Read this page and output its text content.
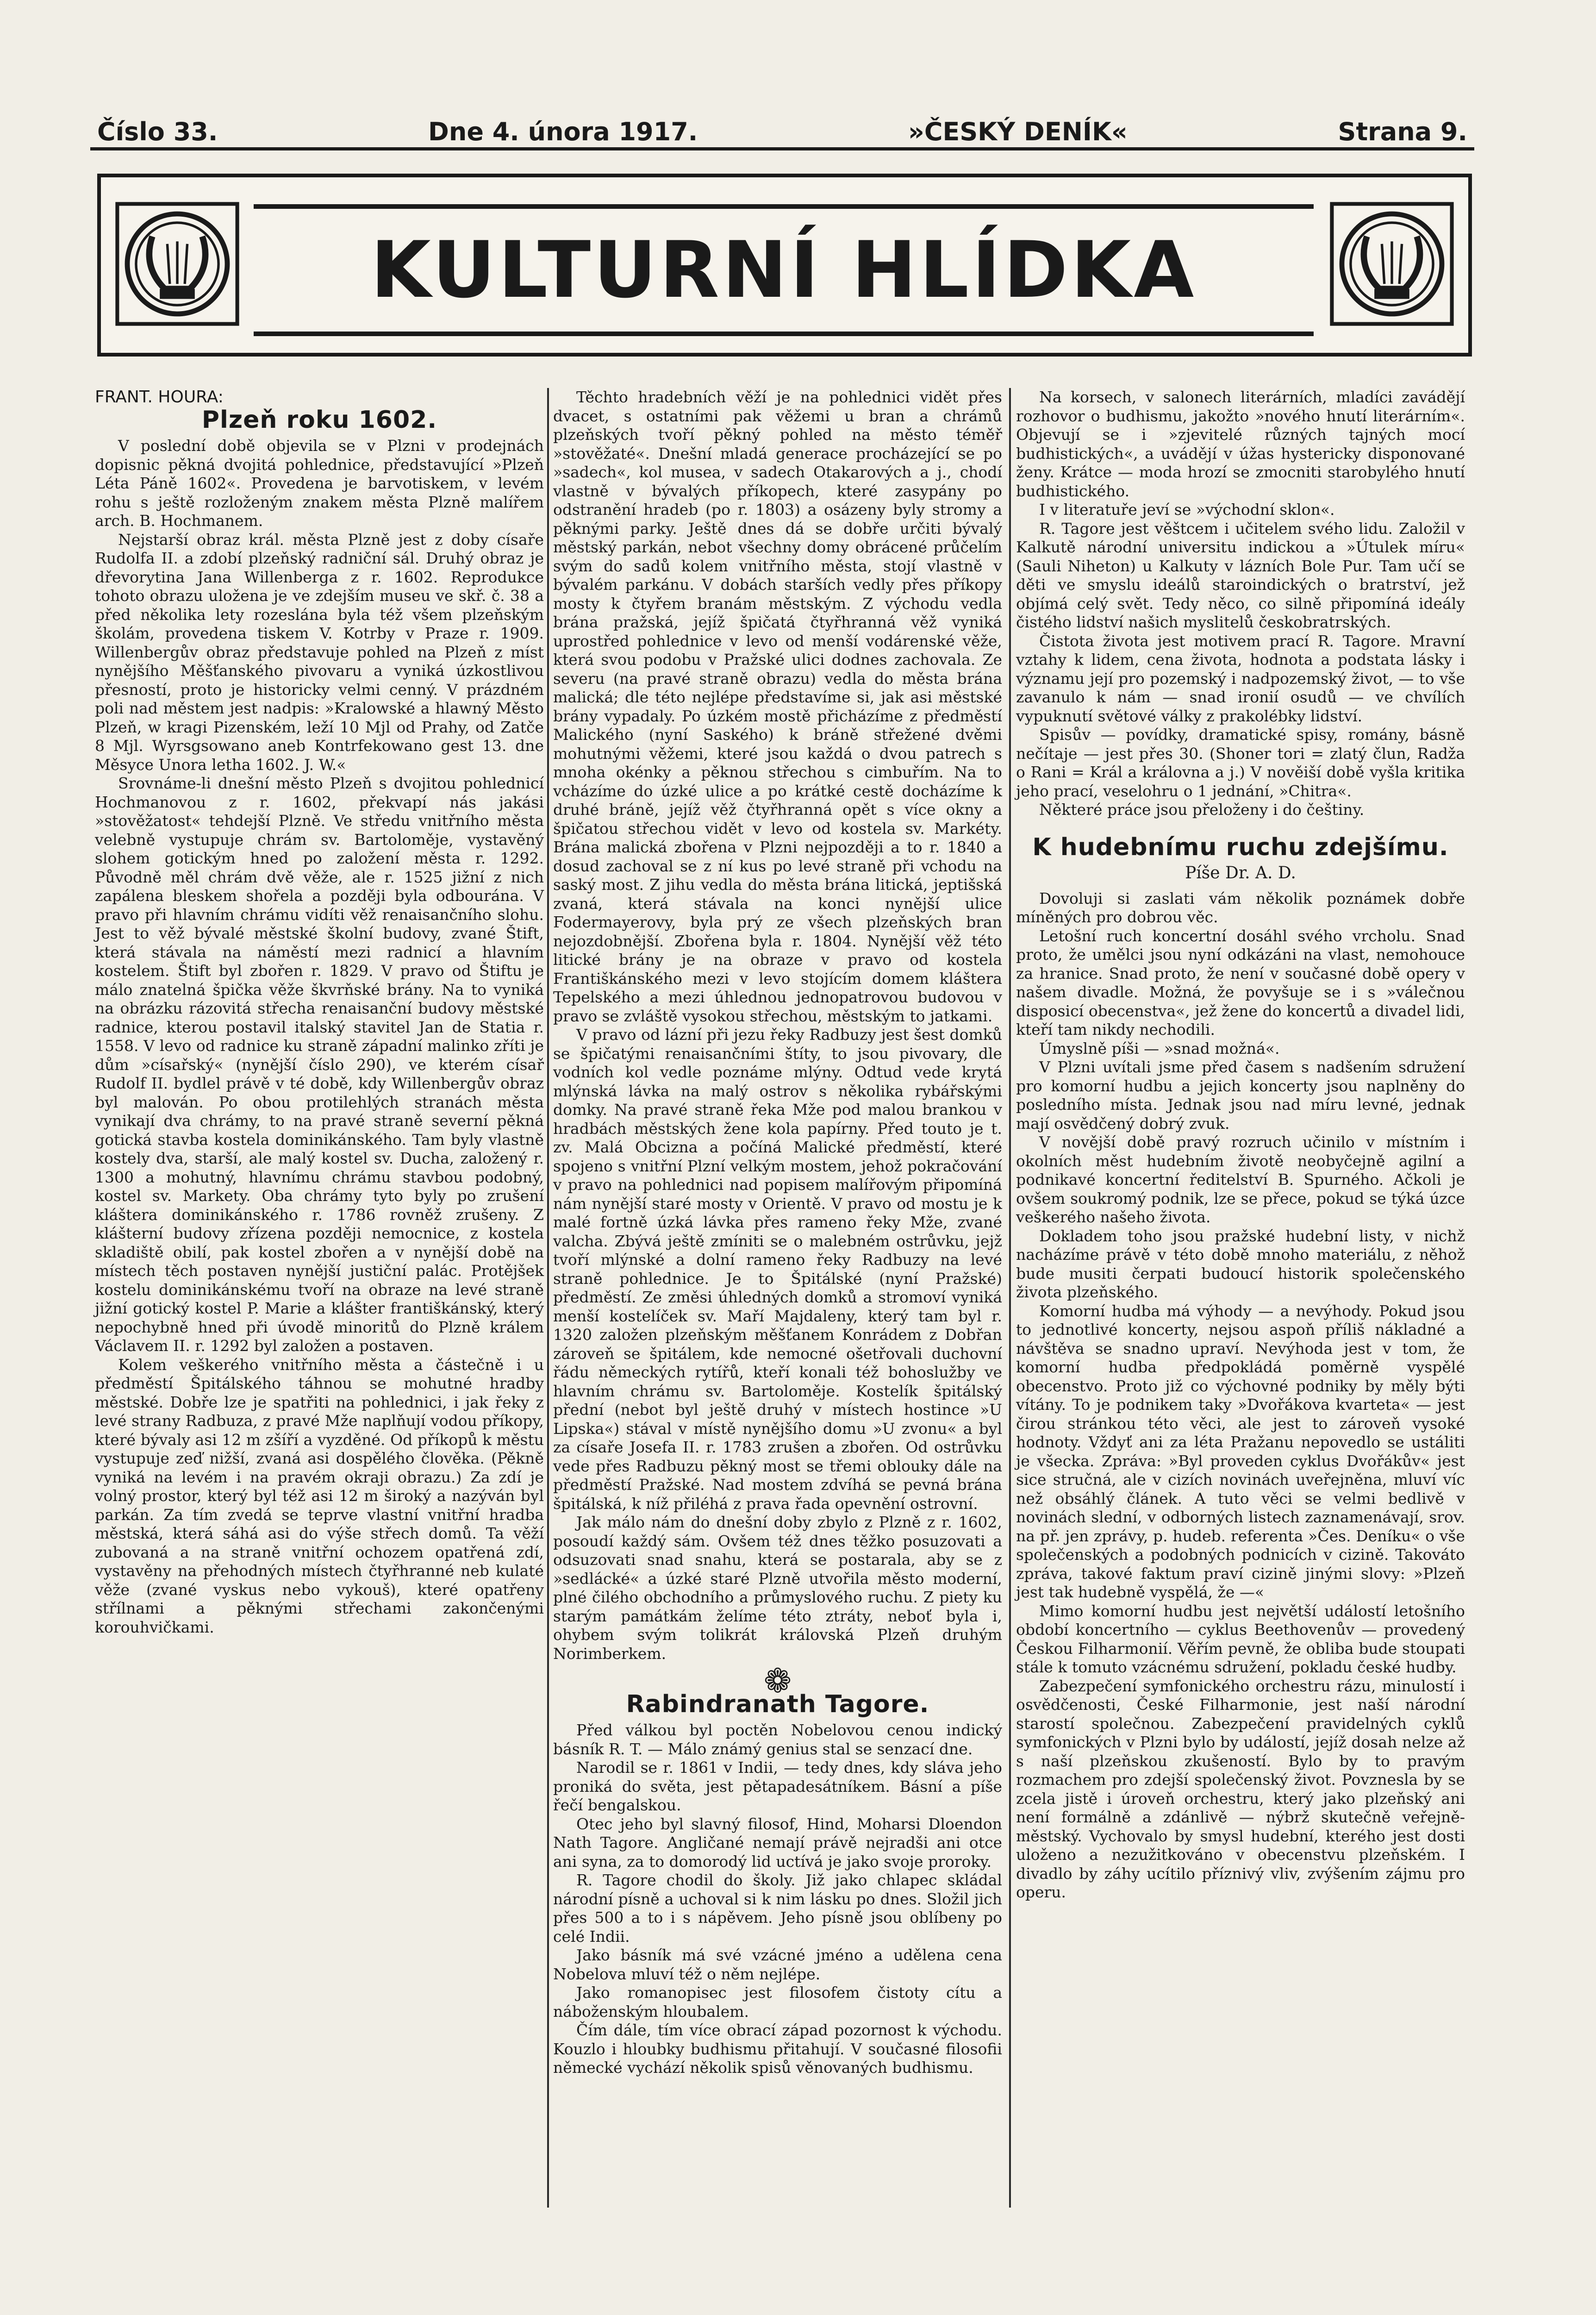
Číslo 33.	Dne 4. února 1917.	»ČESKÝ DENÍK«	Strana 9.
KULTURNÍ HLÍDKA
FRANT. HOURA:
Plzeň roku 1602.

V poslední době objevila se v Plzni v prodejnách dopisnic pěkná dvojitá pohlednice, představující »Plzeň Léta Páně 1602«. Provedena je barvotiskem, v levém rohu s ještě rozloženým znakem města Plzně malířem arch. B. Hochmanem.

Nejstarší obraz král. města Plzně jest z doby císaře Rudolfa II. a zdobí plzeňský radniční sál. Druhý obraz je dřevorytina Jana Willenberga z r. 1602. Reprodukce tohoto obrazu uložena je ve zdejším museu ve skř. č. 38 a před několika lety rozeslána byla též všem plzeňským školám, provedena tiskem V. Kotrby v Praze r. 1909. Willenbergův obraz představuje pohled na Plzeň z míst nynějšího Měšťanského pivovaru a vyniká úzkostlivou přesností, proto je historicky velmi cenný. V prázdném poli nad městem jest nadpis: »Kralowské a hlawný Město Plzeň, w kragi Pizenském, leží 10 Mjl od Prahy, od Zatče 8 Mjl. Wyrsgsowano aneb Kontrfekowano gest 13. dne Měsyce Unora letha 1602. J. W.«

Srovnáme-li dnešní město Plzeň s dvojitou pohlednicí Hochmanovou z r. 1602, překvapí nás jakási »stověžatost« tehdejší Plzně. Ve středu vnitřního města velebně vystupuje chrám sv. Bartoloměje, vystavěný slohem gotickým hned po založení města r. 1292. Původně měl chrám dvě věže, ale r. 1525 jižní z nich zapálena bleskem shořela a později byla odbourána. V pravo při hlavním chrámu vidíti věž renaisančního slohu. Jest to věž bývalé městské školní budovy, zvané Štift, která stávala na náměstí mezi radnicí a hlavním kostelem. Štift byl zbořen r. 1829. V pravo od Štiftu je málo znatelná špička věže škvrňské brány. Na to vyniká na obrázku rázovitá střecha renaisanční budovy městské radnice, kterou postavil italský stavitel Jan de Statia r. 1558. V levo od radnice ku straně západní malinko zříti je dům »císařský« (nynější číslo 290), ve kterém císař Rudolf II. bydlel právě v té době, kdy Willenbergův obraz byl malován. Po obou protilehlých stranách města vynikají dva chrámy, to na pravé straně severní pěkná gotická stavba kostela dominikánského. Tam byly vlastně kostely dva, starší, ale malý kostel sv. Ducha, založený r. 1300 a mohutný, hlavnímu chrámu stavbou podobný, kostel sv. Markety. Oba chrámy tyto byly po zrušení kláštera dominikánského r. 1786 rovněž zrušeny. Z klášterní budovy zřízena později nemocnice, z kostela skladiště obilí, pak kostel zbořen a v nynější době na místech těch postaven nynější justiční palác. Protějšek kostelu dominikánskému tvoří na obraze na levé straně jižní gotický kostel P. Marie a klášter františkánský, který nepochybně hned při úvodě minoritů do Plzně králem Václavem II. r. 1292 byl založen a postaven.

Kolem veškerého vnitřního města a částečně i u předměstí Špitálského táhnou se mohutné hradby městské. Dobře lze je spatřiti na pohlednici, i jak řeky z levé strany Radbuza, z pravé Mže naplňují vodou příkopy, které bývaly asi 12 m zšíří a vyzděné. Od příkopů k městu vystupuje zeď nižší, zvaná asi dospělého člověka. (Pěkně vyniká na levém i na pravém okraji obrazu.) Za zdí je volný prostor, který byl též asi 12 m široký a nazýván byl parkán. Za tím zvedá se teprve vlastní vnitřní hradba městská, která sáhá asi do výše střech domů. Ta věží zubovaná a na straně vnitřní ochozem opatřená zdí, vystavěny na přehodných místech čtyřhranné neb kulaté věže (zvané vyskus nebo vykouš), které opatřeny střílnami a pěknými střechami zakončenými korouhvičkami.

Těchto hradebních věží je na pohlednici vidět přes dvacet, s ostatními pak věžemi u bran a chrámů plzeňských tvoří pěkný pohled na město téměř »stověžaté«. Dnešní mladá generace procházející se po »sadech«, kol musea, v sadech Otakarových a j., chodí vlastně v bývalých příkopech, které zasypány po odstranění hradeb (po r. 1803) a osázeny byly stromy a pěknými parky. Ještě dnes dá se dobře určiti bývalý městský parkán, nebot všechny domy obrácené průčelím svým do sadů kolem vnitřního města, stojí vlastně v bývalém parkánu. V dobách starších vedly přes příkopy mosty k čtyřem branám městským. Z východu vedla brána pražská, jejíž špičatá čtyřhranná věž vyniká uprostřed pohlednice v levo od menší vodárenské věže, která svou podobu v Pražské ulici dodnes zachovala. Ze severu (na pravé straně obrazu) vedla do města brána malická; dle této nejlépe představíme si, jak asi městské brány vypadaly. Po úzkém mostě přicházíme z předměstí Malického (nyní Saského) k bráně střežené dvěmi mohutnými věžemi, které jsou každá o dvou patrech s mnoha okénky a pěknou střechou s cimbuřím. Na to vcházíme do úzké ulice a po krátké cestě docházíme k druhé bráně, jejíž věž čtyřhranná opět s více okny a špičatou střechou vidět v levo od kostela sv. Markéty. Brána malická zbořena v Plzni nejpozději a to r. 1840 a dosud zachoval se z ní kus po levé straně při vchodu na saský most. Z jihu vedla do města brána litická, jeptišská zvaná, která stávala na konci nynější ulice Fodermayerovy, byla prý ze všech plzeňských bran nejozdobnější. Zbořena byla r. 1804. Nynější věž této litické brány je na obraze v pravo od kostela Františkánského mezi v levo stojícím domem kláštera Tepelského a mezi úhlednou jednopatrovou budovou v pravo se zvláště vysokou střechou, městským to jatkami.

V pravo od lázní při jezu řeky Radbuzy jest šest domků se špičatými renaisančními štíty, to jsou pivovary, dle vodních kol vedle poznáme mlýny. Odtud vede krytá mlýnská lávka na malý ostrov s několika rybářskými domky. Na pravé straně řeka Mže pod malou brankou v hradbách městských žene kola papírny. Před touto je t. zv. Malá Obcizna a počíná Malické předměstí, které spojeno s vnitřní Plzní velkým mostem, jehož pokračování v pravo na pohlednici nad popisem malířovým připomíná nám nynější staré mosty v Orientě. V pravo od mostu je k malé fortně úzká lávka přes rameno řeky Mže, zvané valcha. Zbývá ještě zmíniti se o malebném ostrůvku, jejž tvoří mlýnské a dolní rameno řeky Radbuzy na levé straně pohlednice. Je to Špitálské (nyní Pražské) předměstí. Ze změsi úhledných domků a stromoví vyniká menší kostelíček sv. Maří Majdaleny, který tam byl r. 1320 založen plzeňským měšťanem Konrádem z Dobřan zároveň se špitálem, kde nemocné ošetřovali duchovní řádu německých rytířů, kteří konali též bohoslužby ve hlavním chrámu sv. Bartoloměje. Kostelík špitálský přední (nebot byl ještě druhý v místech hostince »U Lipska«) stával v místě nynějšího domu »U zvonu« a byl za císaře Josefa II. r. 1783 zrušen a zbořen. Od ostrůvku vede přes Radbuzu pěkný most se třemi oblouky dále na předměstí Pražské. Nad mostem zdvíhá se pevná brána špitálská, k níž přiléhá z prava řada opevnění ostrovní.

Jak málo nám do dnešní doby zbylo z Plzně z r. 1602, posoudí každý sám. Ovšem též dnes těžko posuzovati a odsuzovati snad snahu, která se postarala, aby se z »sedlácké« a úzké staré Plzně utvořila město moderní, plné čilého obchodního a průmyslového ruchu. Z piety ku starým památkám želíme této ztráty, neboť byla i, ohybem svým tolikrát královská Plzeň druhým Norimberkem.

❁
Rabindranath Tagore.

Před válkou byl poctěn Nobelovou cenou indický básník R. T. — Málo známý genius stal se senzací dne.

Narodil se r. 1861 v Indii, — tedy dnes, kdy sláva jeho proniká do světa, jest pětapadesátníkem. Básní a píše řečí bengalskou.

Otec jeho byl slavný filosof, Hind, Moharsi Dloendon Nath Tagore. Angličané nemají právě nejradši ani otce ani syna, za to domorodý lid uctívá je jako svoje proroky.

R. Tagore chodil do školy. Již jako chlapec skládal národní písně a uchoval si k nim lásku po dnes. Složil jich přes 500 a to i s nápěvem. Jeho písně jsou oblíbeny po celé Indii.

Jako básník má své vzácné jméno a udělena cena Nobelova mluví též o něm nejlépe.

Jako romanopisec jest filosofem čistoty cítu a náboženským hloubalem.

Čím dále, tím více obrací západ pozornost k východu. Kouzlo i hloubky budhismu přitahují. V současné filosofii německé vychází několik spisů věnovaných budhismu.

Na korsech, v salonech literárních, mladíci zavádějí rozhovor o budhismu, jakožto »nového hnutí literárním«. Objevují se i »zjevitelé různých tajných mocí budhistických«, a uvádějí v úžas hystericky disponované ženy. Krátce — moda hrozí se zmocniti starobylého hnutí budhistického.

I v literatuře jeví se »východní sklon«.

R. Tagore jest věštcem i učitelem svého lidu. Založil v Kalkutě národní universitu indickou a »Útulek míru« (Sauli Niheton) u Kalkuty v lázních Bole Pur. Tam učí se děti ve smyslu ideálů staroindických o bratrství, jež objímá celý svět. Tedy něco, co silně připomíná ideály čistého lidství našich myslitelů českobratrských.

Čistota života jest motivem prací R. Tagore. Mravní vztahy k lidem, cena života, hodnota a podstata lásky i významu její pro pozemský i nadpozemský život, — to vše zavanulo k nám — snad ironií osudů — ve chvílích vypuknutí světové války z prakolébky lidství.

Spisův — povídky, dramatické spisy, romány, básně nečítaje — jest přes 30. (Shoner tori = zlatý člun, Radža o Rani = Král a královna a j.) V nověiší době vyšla kritika jeho prací, veselohru o 1 jednání, »Chitra«.

Některé práce jsou přeloženy i do češtiny.

K hudebnímu ruchu zdejšímu.
Píše Dr. A. D.

Dovoluji si zaslati vám několik poznámek dobře míněných pro dobrou věc.

Letošní ruch koncertní dosáhl svého vrcholu. Snad proto, že umělci jsou nyní odkázáni na vlast, nemohouce za hranice. Snad proto, že není v současné době opery v našem divadle. Možná, že povyšuje se i s »válečnou disposicí obecenstva«, jež žene do koncertů a divadel lidi, kteří tam nikdy nechodili.

Úmyslně píši — »snad možná«.

V Plzni uvítali jsme před časem s nadšením sdružení pro komorní hudbu a jejich koncerty jsou naplněny do posledního místa. Jednak jsou nad míru levné, jednak mají osvědčený dobrý zvuk.

V novější době pravý rozruch učinilo v místním i okolních měst hudebním životě neobyčejně agilní a podnikavé koncertní ředitelství B. Spurného. Ačkoli je ovšem soukromý podnik, lze se přece, pokud se týká úzce veškerého našeho života.

Dokladem toho jsou pražské hudební listy, v nichž nacházíme právě v této době mnoho materiálu, z něhož bude musiti čerpati budoucí historik společenského života plzeňského.

Komorní hudba má výhody — a nevýhody. Pokud jsou to jednotlivé koncerty, nejsou aspoň příliš nákladné a návštěva se snadno upraví. Nevýhoda jest v tom, že komorní hudba předpokládá poměrně vyspělé obecenstvo. Proto již co výchovné podniky by měly býti vítány. To je podnikem taky »Dvořákova kvarteta« — jest čirou stránkou této věci, ale jest to zároveň vysoké hodnoty. Vždyť ani za léta Pražanu nepovedlo se ustáliti je všecka. Zpráva: »Byl proveden cyklus Dvořákův« jest sice stručná, ale v cizích novinách uveřejněna, mluví víc než obsáhlý článek. A tuto věci se velmi bedlivě v novinách slední, v odborných listech zaznamenávají, srov. na př. jen zprávy, p. hudeb. referenta »Čes. Deníku« o vše společenských a podobných podnicích v cizině. Takováto zpráva, takové faktum praví cizině jinými slovy: »Plzeň jest tak hudebně vyspělá, že —«

Mimo komorní hudbu jest největší událostí letošního období koncertního — cyklus Beethovenův — provedený Českou Filharmonií. Věřím pevně, že obliba bude stoupati stále k tomuto vzácnému sdružení, pokladu české hudby.

Zabezpečení symfonického orchestru rázu, minulostí i osvědčenosti, České Filharmonie, jest naší národní starostí společnou. Zabezpečení pravidelných cyklů symfonických v Plzni bylo by událostí, jejíž dosah nelze až s naší plzeňskou zkušeností. Bylo by to pravým rozmachem pro zdejší společenský život. Povznesla by se zcela jistě i úroveň orchestru, který jako plzeňský ani není formálně a zdánlivě — nýbrž skutečně veřejně-městský. Vychovalo by smysl hudební, kterého jest dosti uloženo a nezužitkováno v obecenstvu plzeňském. I divadlo by záhy ucítilo příznivý vliv, zvýšením zájmu pro operu.
